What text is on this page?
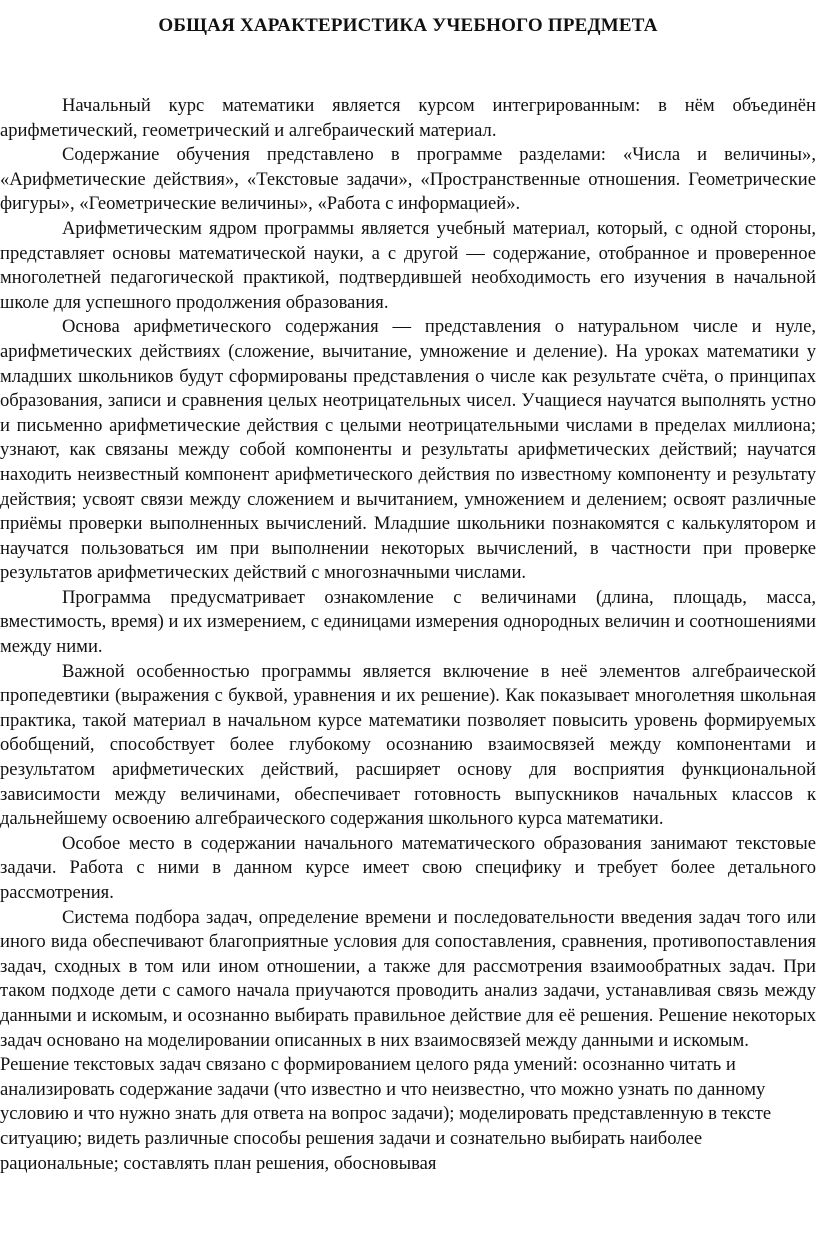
ОБЩАЯ ХАРАКТЕРИСТИКА УЧЕБНОГО ПРЕДМЕТА

Начальный курс математики является курсом интегрированным: в нём объединён арифметический, геометрический и алгебраический материал.

Содержание обучения представлено в программе разделами: «Числа и величины», «Арифметические действия», «Текстовые задачи», «Пространственные отношения. Геометрические фигуры», «Геометрические величины», «Работа с информацией».

Арифметическим ядром программы является учебный материал, который, с одной стороны, представляет основы математической науки, а с другой — содержание, отобранное и проверенное многолетней педагогической практикой, подтвердившей необходимость его изучения в начальной школе для успешного продолжения образования.

Основа арифметического содержания — представления о натуральном числе и нуле, арифметических действиях (сложение, вычитание, умножение и деление). На уроках математики у младших школьников будут сформированы представления о числе как результате счёта, о принципах образования, записи и сравнения целых неотрицательных чисел. Учащиеся научатся выполнять устно и письменно арифметические действия с целыми неотрицательными числами в пределах миллиона; узнают, как связаны между собой компоненты и результаты арифметических действий; научатся находить неизвестный компонент арифметического действия по известному компоненту и результату действия; усвоят связи между сложением и вычитанием, умножением и делением; освоят различные приёмы проверки выполненных вычислений. Младшие школьники познакомятся с калькулятором и научатся пользоваться им при выполнении некоторых вычислений, в частности при проверке результатов арифметических действий с многозначными числами.

Программа предусматривает ознакомление с величинами (длина, площадь, масса, вместимость, время) и их измерением, с единицами измерения однородных величин и соотношениями между ними.

Важной особенностью программы является включение в неё элементов алгебраической пропедевтики (выражения с буквой, уравнения и их решение). Как показывает многолетняя школьная практика, такой материал в начальном курсе математики позволяет повысить уровень формируемых обобщений, способствует более глубокому осознанию взаимосвязей между компонентами и результатом арифметических действий, расширяет основу для восприятия функциональной зависимости между величинами, обеспечивает готовность выпускников начальных классов к дальнейшему освоению алгебраического содержания школьного курса математики.

Особое место в содержании начального математического образования занимают текстовые задачи. Работа с ними в данном курсе имеет свою специфику и требует более детального рассмотрения.

Система подбора задач, определение времени и последовательности введения задач того или иного вида обеспечивают благоприятные условия для сопоставления, сравнения, противопоставления задач, сходных в том или ином отношении, а также для рассмотрения взаимообратных задач. При таком подходе дети с самого начала приучаются проводить анализ задачи, устанавливая связь между данными и искомым, и осознанно выбирать правильное действие для её решения. Решение некоторых задач основано на моделировании описанных в них взаимосвязей между данными и искомым.

Решение текстовых задач связано с формированием целого ряда умений: осознанно читать и анализировать содержание задачи (что известно и что неизвестно, что можно узнать по данному условию и что нужно знать для ответа на вопрос задачи); моделировать представленную в тексте ситуацию; видеть различные способы решения задачи и сознательно выбирать наиболее рациональные; составлять план решения, обосновывая
